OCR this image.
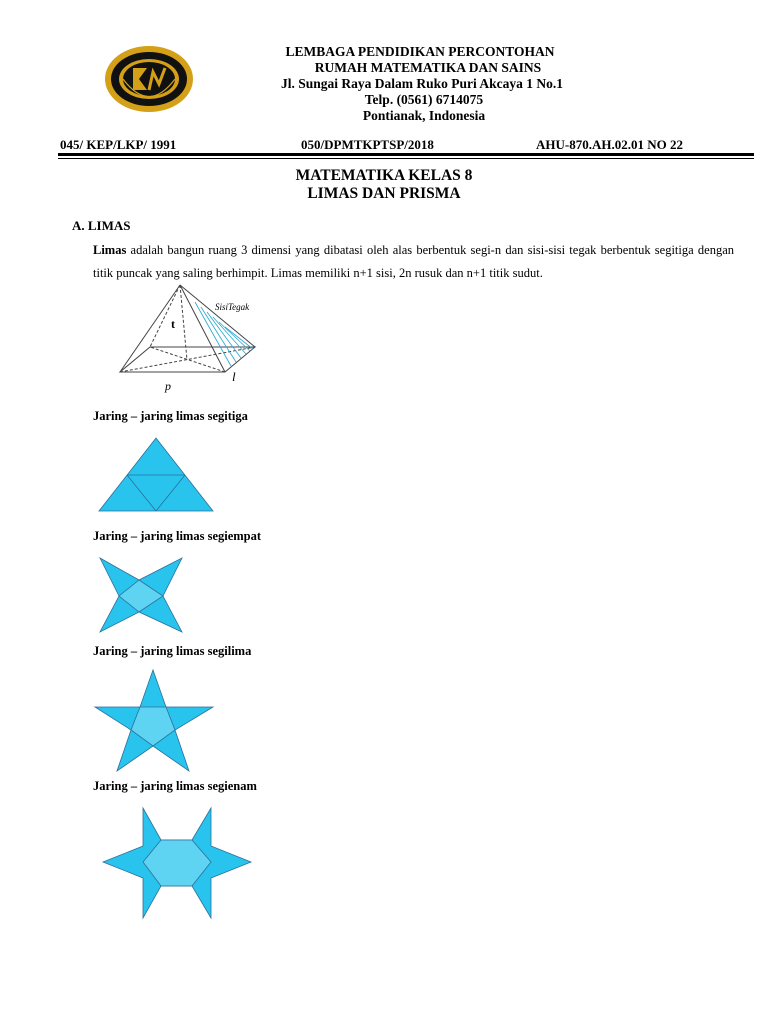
LEMBAGA PENDIDIKAN PERCONTOHAN
RUMAH MATEMATIKA DAN SAINS
Jl. Sungai Raya Dalam Ruko Puri Akcaya 1 No.1
Telp. (0561) 6714075
Pontianak, Indonesia
045/ KEP/LKP/ 1991	050/DPMTKPTSP/2018	AHU-870.AH.02.01 NO 22
MATEMATIKA KELAS 8
LIMAS DAN PRISMA
A. LIMAS
Limas adalah bangun ruang 3 dimensi yang dibatasi oleh alas berbentuk segi-n dan sisi-sisi tegak berbentuk segitiga dengan titik puncak yang saling berhimpit. Limas memiliki n+1 sisi, 2n rusuk dan n+1 titik sudut.
SisiTegak
t
p
l
Jaring – jaring limas segitiga
Jaring – jaring limas segiempat
Jaring – jaring limas segilima
Jaring – jaring limas segienam
